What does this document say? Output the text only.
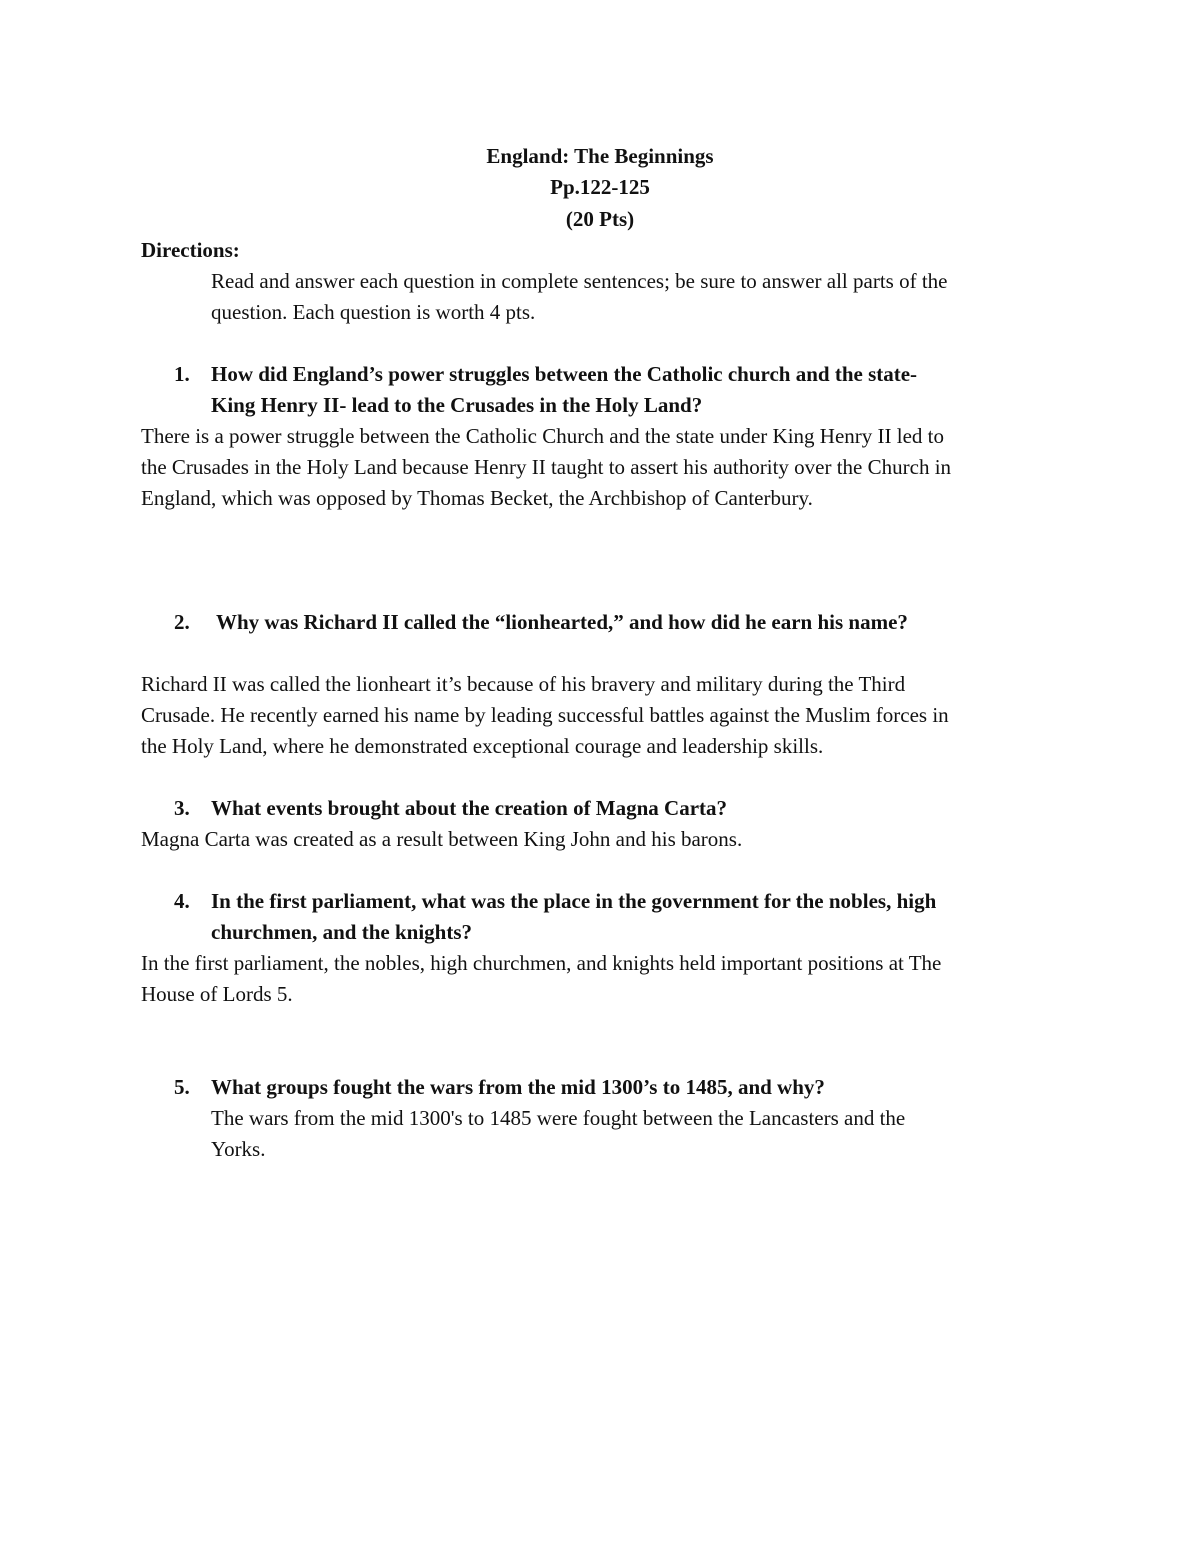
England: The Beginnings
Pp.122-125
(20 Pts)
Directions:
Read and answer each question in complete sentences; be sure to answer all parts of the
question. Each question is worth 4 pts.
1. How did England’s power struggles between the Catholic church and the state-
King Henry II- lead to the Crusades in the Holy Land?
There is a power struggle between the Catholic Church and the state under King Henry II led to
the Crusades in the Holy Land because Henry II taught to assert his authority over the Church in
England, which was opposed by Thomas Becket, the Archbishop of Canterbury.
2. Why was Richard II called the “lionhearted,” and how did he earn his name?
Richard II was called the lionheart it’s because of his bravery and military during the Third
Crusade. He recently earned his name by leading successful battles against the Muslim forces in
the Holy Land, where he demonstrated exceptional courage and leadership skills.
3. What events brought about the creation of Magna Carta?
Magna Carta was created as a result between King John and his barons.
4. In the first parliament, what was the place in the government for the nobles, high
churchmen, and the knights?
In the first parliament, the nobles, high churchmen, and knights held important positions at The
House of Lords 5.
5. What groups fought the wars from the mid 1300’s to 1485, and why?
The wars from the mid 1300's to 1485 were fought between the Lancasters and the
Yorks.
